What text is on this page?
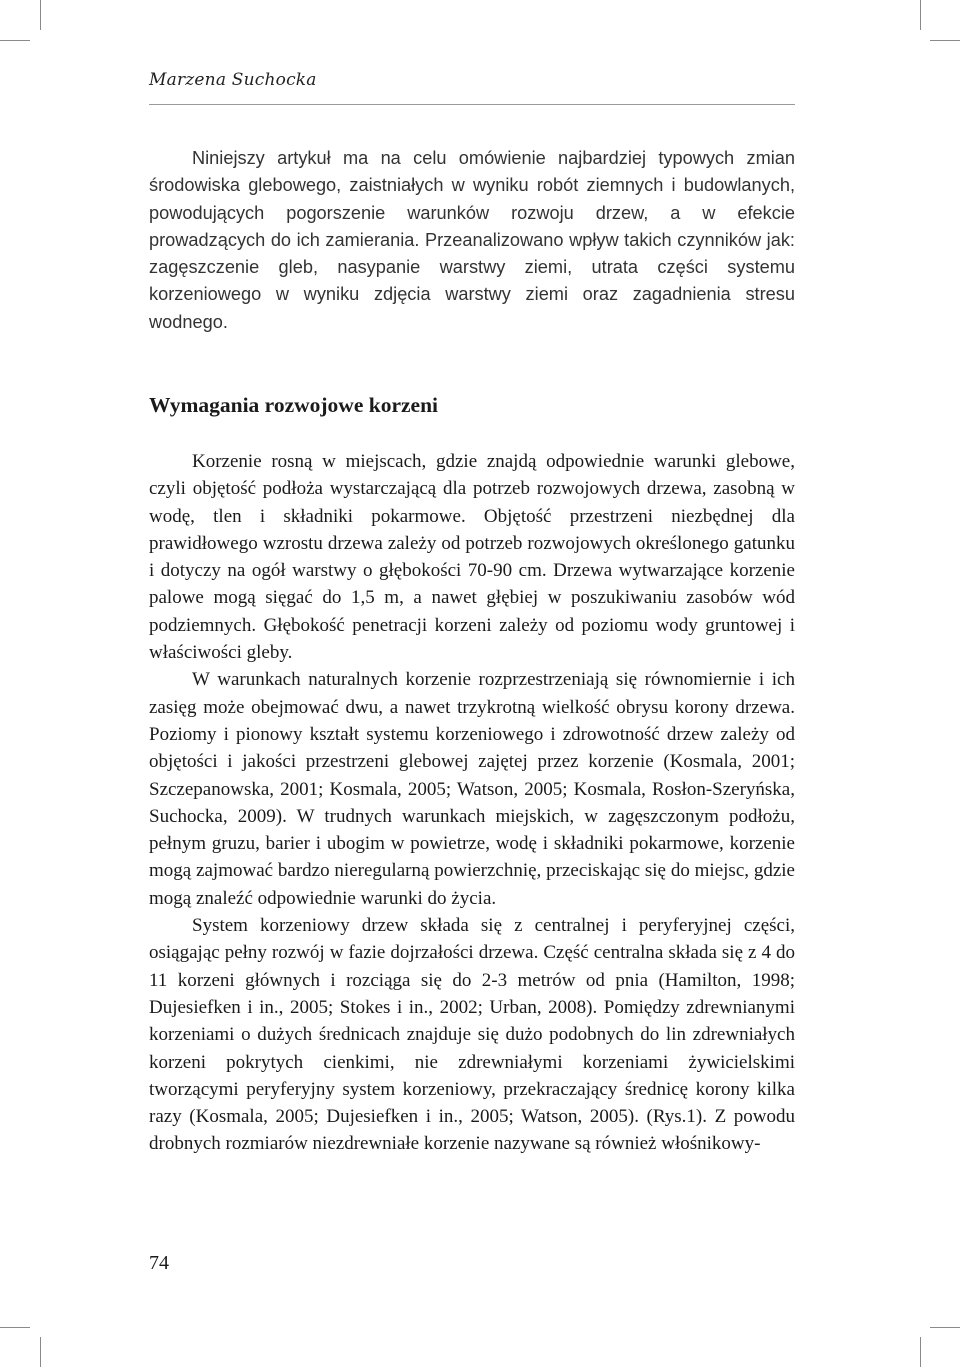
Marzena Suchocka

Niniejszy artykuł ma na celu omówienie najbardziej typowych zmian środowiska glebowego, zaistniałych w wyniku robót ziemnych i budowlanych, powodujących pogorszenie warunków rozwoju drzew, a w efekcie prowadzących do ich zamierania. Przeanalizowano wpływ takich czynników jak: zagęszczenie gleb, nasypanie warstwy ziemi, utrata części systemu korzeniowego w wyniku zdjęcia warstwy ziemi oraz zagadnienia stresu wodnego.

Wymagania rozwojowe korzeni

Korzenie rosną w miejscach, gdzie znajdą odpowiednie warunki glebowe, czyli objętość podłoża wystarczającą dla potrzeb rozwojowych drzewa, zasobną w wodę, tlen i składniki pokarmowe. Objętość przestrzeni niezbędnej dla prawidłowego wzrostu drzewa zależy od potrzeb rozwojowych określonego gatunku i dotyczy na ogół warstwy o głębokości 70-90 cm. Drzewa wytwarzające korzenie palowe mogą sięgać do 1,5 m, a nawet głębiej w poszukiwaniu zasobów wód podziemnych. Głębokość penetracji korzeni zależy od poziomu wody gruntowej i właściwości gleby.

W warunkach naturalnych korzenie rozprzestrzeniają się równomiernie i ich zasięg może obejmować dwu, a nawet trzykrotną wielkość obrysu korony drzewa. Poziomy i pionowy kształt systemu korzeniowego i zdrowotność drzew zależy od objętości i jakości przestrzeni glebowej zajętej przez korzenie (Kosmala, 2001; Szczepanowska, 2001; Kosmala, 2005; Watson, 2005; Kosmala, Rosłon-Szeryńska, Suchocka, 2009). W trudnych warunkach miejskich, w zagęszczonym podłożu, pełnym gruzu, barier i ubogim w powietrze, wodę i składniki pokarmowe, korzenie mogą zajmować bardzo nieregularną powierzchnię, przeciskając się do miejsc, gdzie mogą znaleźć odpowiednie warunki do życia.

System korzeniowy drzew składa się z centralnej i peryferyjnej części, osiągając pełny rozwój w fazie dojrzałości drzewa. Część centralna składa się z 4 do 11 korzeni głównych i rozciąga się do 2-3 metrów od pnia (Hamilton, 1998; Dujesiefken i in., 2005; Stokes i in., 2002; Urban, 2008). Pomiędzy zdrewnianymi korzeniami o dużych średnicach znajduje się dużo podobnych do lin zdrewniałych korzeni pokrytych cienkimi, nie zdrewniałymi korzeniami żywicielskimi tworzącymi peryferyjny system korzeniowy, przekraczający średnicę korony kilka razy (Kosmala, 2005; Dujesiefken i in., 2005; Watson, 2005). (Rys.1). Z powodu drobnych rozmiarów niezdrewniałe korzenie nazywane są również włośnikowy-

74
